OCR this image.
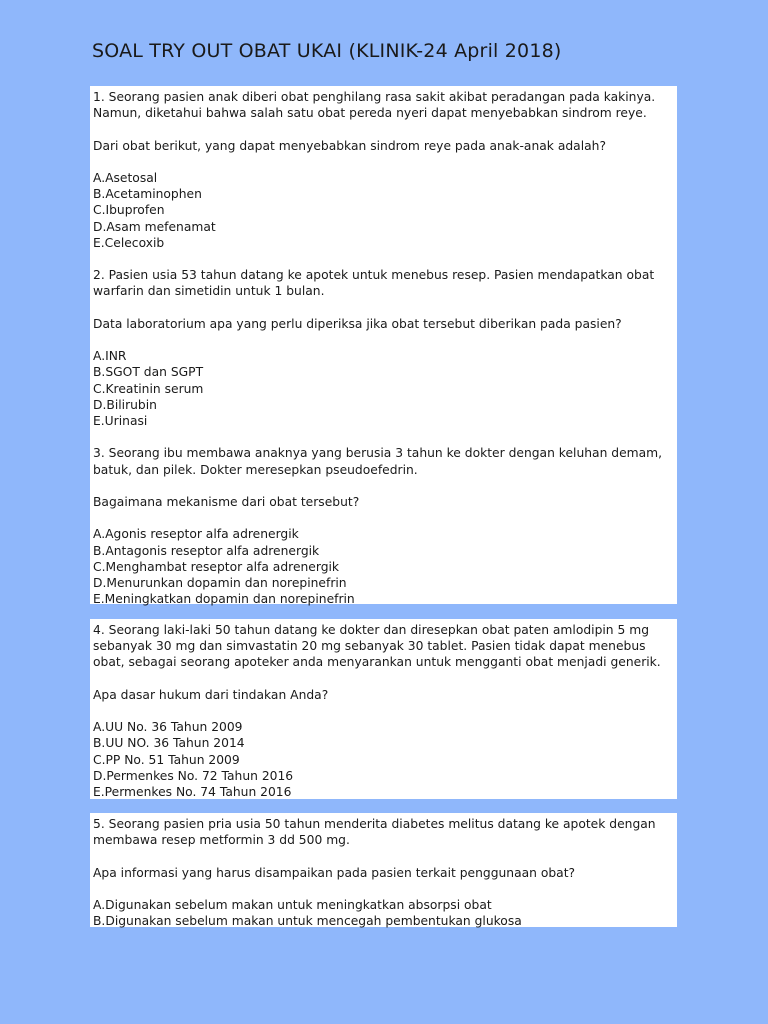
SOAL TRY OUT OBAT UKAI (KLINIK-24 April 2018)

1. Seorang pasien anak diberi obat penghilang rasa sakit akibat peradangan pada kakinya.

Namun, diketahui bahwa salah satu obat pereda nyeri dapat menyebabkan sindrom reye.

Dari obat berikut, yang dapat menyebabkan sindrom reye pada anak-anak adalah?

A.Asetosal

B.Acetaminophen

C.Ibuprofen

D.Asam mefenamat

E.Celecoxib

2. Pasien usia 53 tahun datang ke apotek untuk menebus resep. Pasien mendapatkan obat

warfarin dan simetidin untuk 1 bulan.

Data laboratorium apa yang perlu diperiksa jika obat tersebut diberikan pada pasien?

A.INR

B.SGOT dan SGPT

C.Kreatinin serum

D.Bilirubin

E.Urinasi

3. Seorang ibu membawa anaknya yang berusia 3 tahun ke dokter dengan keluhan demam,

batuk, dan pilek. Dokter meresepkan pseudoefedrin.

Bagaimana mekanisme dari obat tersebut?

A.Agonis reseptor alfa adrenergik

B.Antagonis reseptor alfa adrenergik

C.Menghambat reseptor alfa adrenergik

D.Menurunkan dopamin dan norepinefrin

E.Meningkatkan dopamin dan norepinefrin

4. Seorang laki-laki 50 tahun datang ke dokter dan diresepkan obat paten amlodipin 5 mg

sebanyak 30 mg dan simvastatin 20 mg sebanyak 30 tablet. Pasien tidak dapat menebus

obat, sebagai seorang apoteker anda menyarankan untuk mengganti obat menjadi generik.

Apa dasar hukum dari tindakan Anda?

A.UU No. 36 Tahun 2009

B.UU NO. 36 Tahun 2014

C.PP No. 51 Tahun 2009

D.Permenkes No. 72 Tahun 2016

E.Permenkes No. 74 Tahun 2016

5. Seorang pasien pria usia 50 tahun menderita diabetes melitus datang ke apotek dengan

membawa resep metformin 3 dd 500 mg.

Apa informasi yang harus disampaikan pada pasien terkait penggunaan obat?

A.Digunakan sebelum makan untuk meningkatkan absorpsi obat

B.Digunakan sebelum makan untuk mencegah pembentukan glukosa
